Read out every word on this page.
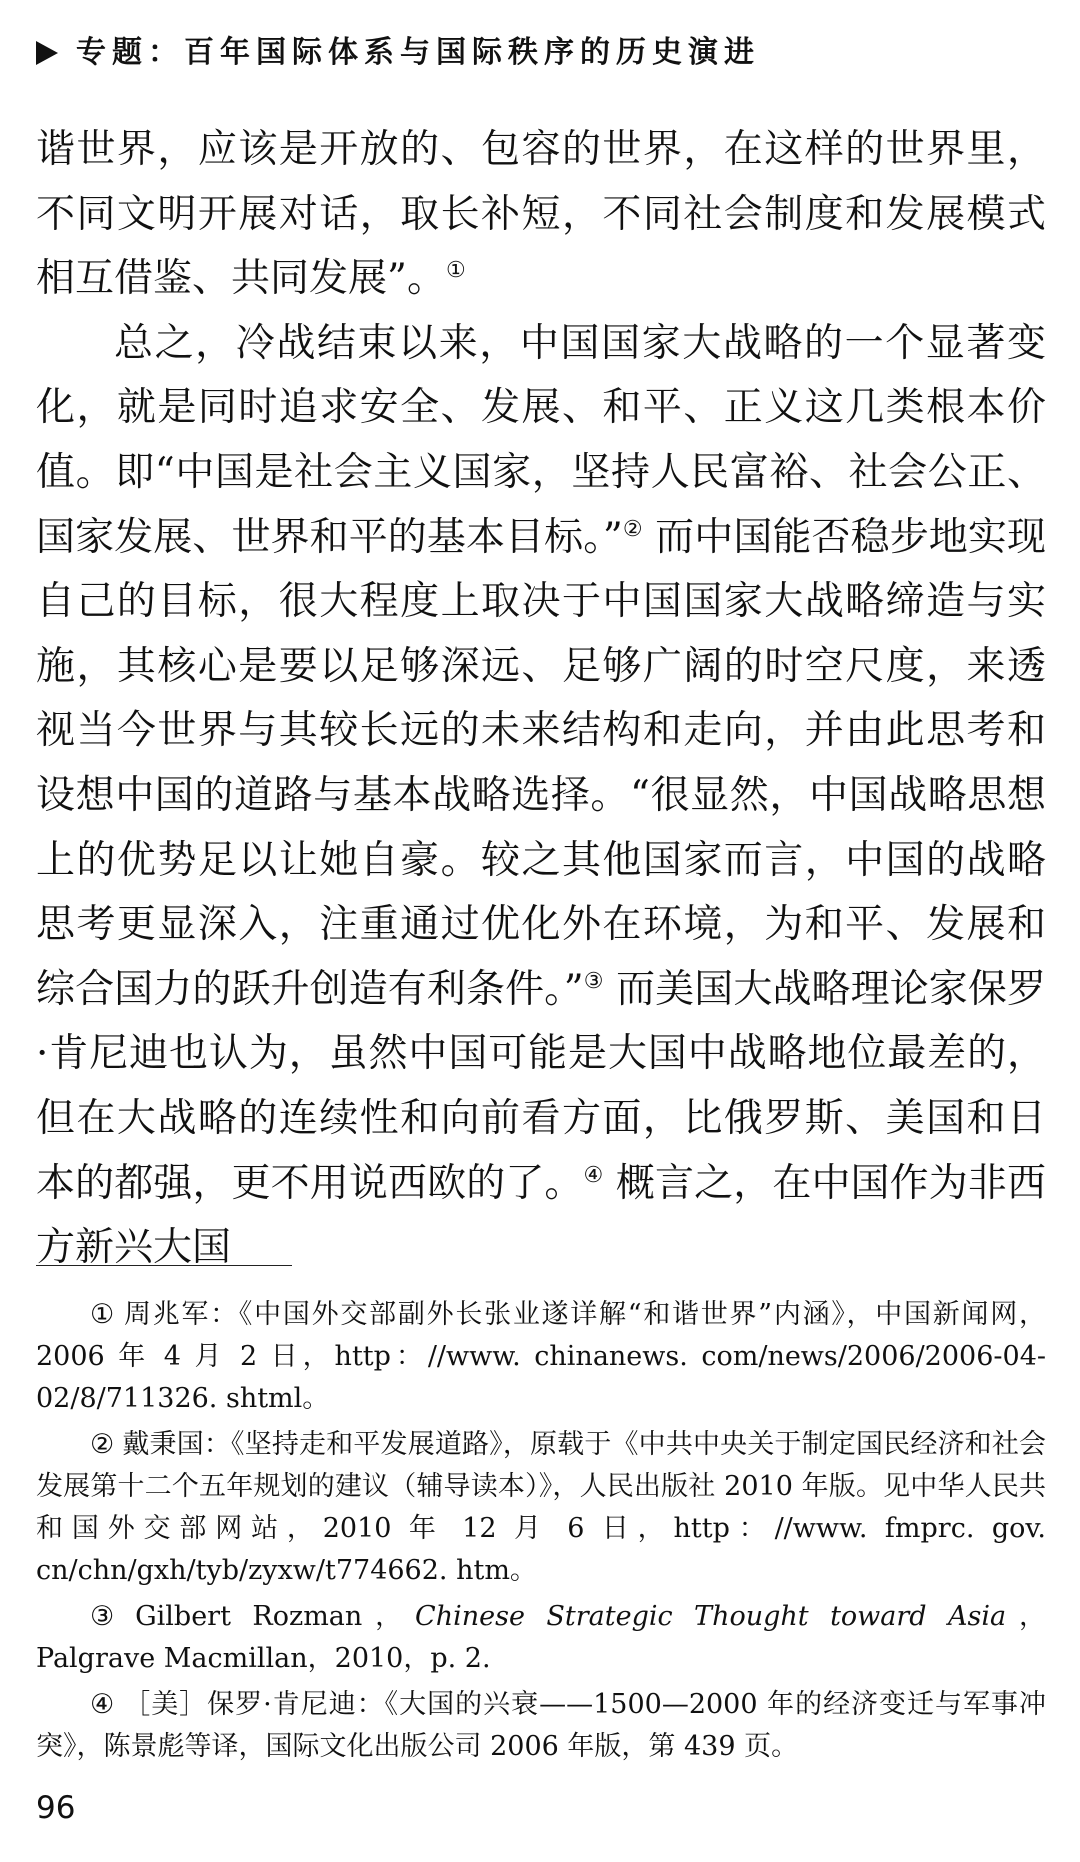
专题：百年国际体系与国际秩序的历史演进

谐世界，应该是开放的、包容的世界，在这样的世界里，不同文明开展对话，取长补短，不同社会制度和发展模式相互借鉴、共同发展”。①

总之，冷战结束以来，中国国家大战略的一个显著变化，就是同时追求安全、发展、和平、正义这几类根本价值。即“中国是社会主义国家，坚持人民富裕、社会公正、国家发展、世界和平的基本目标。”② 而中国能否稳步地实现自己的目标，很大程度上取决于中国国家大战略缔造与实施，其核心是要以足够深远、足够广阔的时空尺度，来透视当今世界与其较长远的未来结构和走向，并由此思考和设想中国的道路与基本战略选择。“很显然，中国战略思想上的优势足以让她自豪。较之其他国家而言，中国的战略思考更显深入，注重通过优化外在环境，为和平、发展和综合国力的跃升创造有利条件。”③ 而美国大战略理论家保罗·肯尼迪也认为，虽然中国可能是大国中战略地位最差的，但在大战略的连续性和向前看方面，比俄罗斯、美国和日本的都强，更不用说西欧的了。④ 概言之，在中国作为非西方新兴大国

① 周兆军：《中国外交部副外长张业遂详解“和谐世界”内涵》，中国新闻网，2006 年 4 月 2 日，http：//www. chinanews. com/news/2006/2006-04-02/8/711326. shtml。

② 戴秉国：《坚持走和平发展道路》，原载于《中共中央关于制定国民经济和社会发展第十二个五年规划的建议（辅导读本）》，人民出版社 2010 年版。见中华人民共和国外交部网站，2010 年 12 月 6 日，http：//www. fmprc. gov. cn/chn/gxh/tyb/zyxw/t774662. htm。

③ Gilbert Rozman，Chinese Strategic Thought toward Asia，Palgrave Macmillan，2010，p. 2.

④ ［美］保罗·肯尼迪：《大国的兴衰——1500—2000 年的经济变迁与军事冲突》，陈景彪等译，国际文化出版公司 2006 年版，第 439 页。

96
